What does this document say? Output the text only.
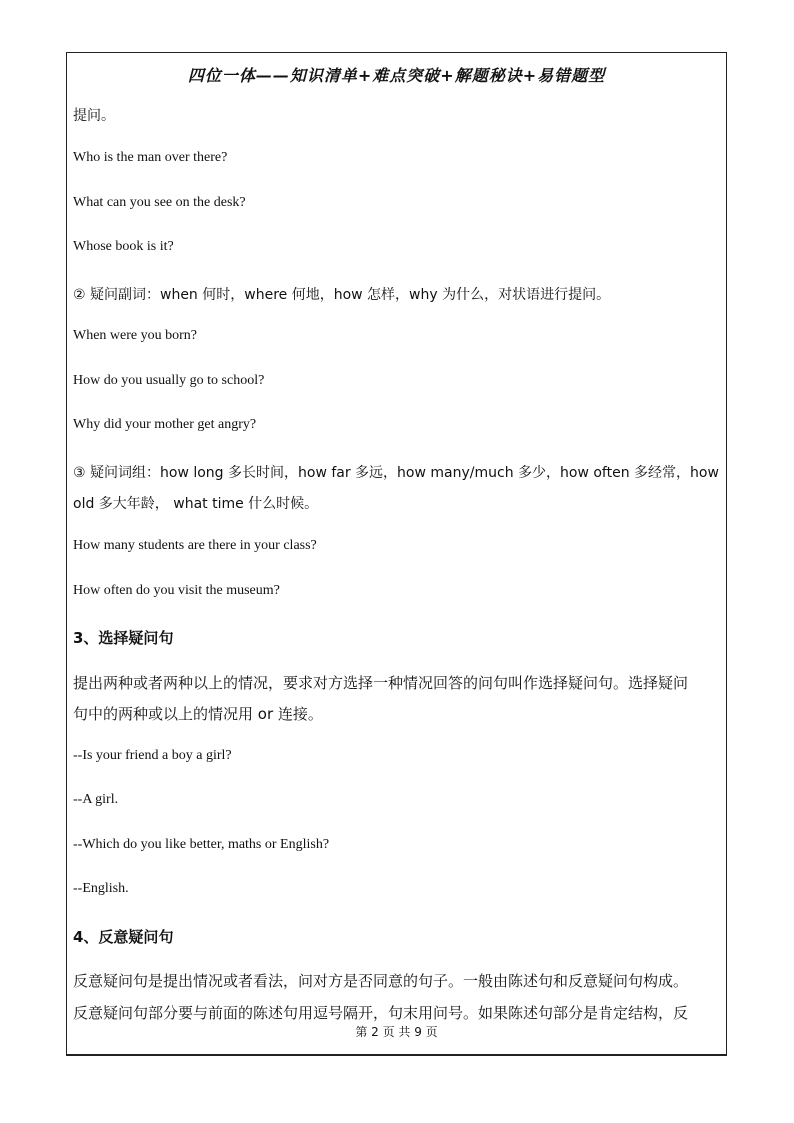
四位一体——知识清单+难点突破+解题秘诀+易错题型
提问。
Who is the man over there?
What can you see on the desk?
Whose book is it?
② 疑问副词：when 何时，where 何地，how 怎样，why 为什么，对状语进行提问。
When were you born?
How do you usually go to school?
Why did your mother get angry?
③ 疑问词组：how long 多长时间，how far 多远，how many/much 多少，how often 多经常，how
old 多大年龄， what time 什么时候。
How many students are there in your class?
How often do you visit the museum?
3、选择疑问句
提出两种或者两种以上的情况，要求对方选择一种情况回答的问句叫作选择疑问句。选择疑问
句中的两种或以上的情况用 or 连接。
--Is your friend a boy a girl?
--A girl.
--Which do you like better, maths or English?
--English.
4、反意疑问句
反意疑问句是提出情况或者看法，问对方是否同意的句子。一般由陈述句和反意疑问句构成。
反意疑问句部分要与前面的陈述句用逗号隔开，句末用问号。如果陈述句部分是肯定结构，反
第 2 页 共 9 页
